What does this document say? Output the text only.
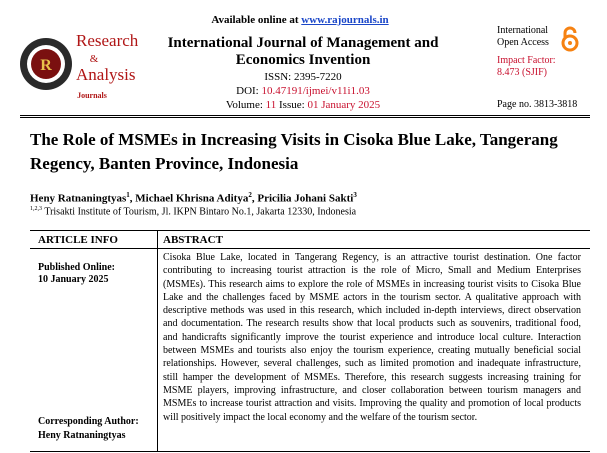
R
Research
&
Analysis
Journals
Available online at www.rajournals.in
International Journal of Management and Economics Invention
ISSN: 2395-7220
DOI: 10.47191/ijmei/v11i1.03
Volume: 11 Issue: 01 January 2025
International Open Access
Impact Factor:
8.473 (SJIF)
Page no. 3813-3818
The Role of MSMEs in Increasing Visits in Cisoka Blue Lake, Tangerang Regency, Banten Province, Indonesia
Heny Ratnaningtyas$^1$, Michael Khrisna Aditya$^2$, Pricilia Johani Sakti$^3$
$^{1,2,3}$ Trisakti Institute of Tourism, Jl. IKPN Bintaro No.1, Jakarta 12330, Indonesia
ARTICLE INFO	ABSTRACT
Published Online:
10 January 2025
Corresponding Author:
Heny Ratnaningtyas
Cisoka Blue Lake, located in Tangerang Regency, is an attractive tourist destination. One factor contributing to increasing tourist attraction is the role of Micro, Small and Medium Enterprises (MSMEs). This research aims to explore the role of MSMEs in increasing tourist visits to Cisoka Blue Lake and the challenges faced by MSME actors in the tourism sector. A qualitative approach with descriptive methods was used in this research, which included in-depth interviews, direct observation and documentation. The research results show that local products such as souvenirs, traditional food, and handicrafts significantly improve the tourist experience and introduce local culture. Interaction between MSMEs and tourists also enjoy the tourism experience, creating mutually beneficial social relationships. However, several challenges, such as limited promotion and inadequate infrastructure, still hamper the development of MSMEs. Therefore, this research suggests increasing training for MSME players, improving infrastructure, and closer collaboration between tourism managers and MSMEs to increase tourist attraction and visits. Improving the quality and promotion of local products will positively impact the local economy and the welfare of the tourism sector.
